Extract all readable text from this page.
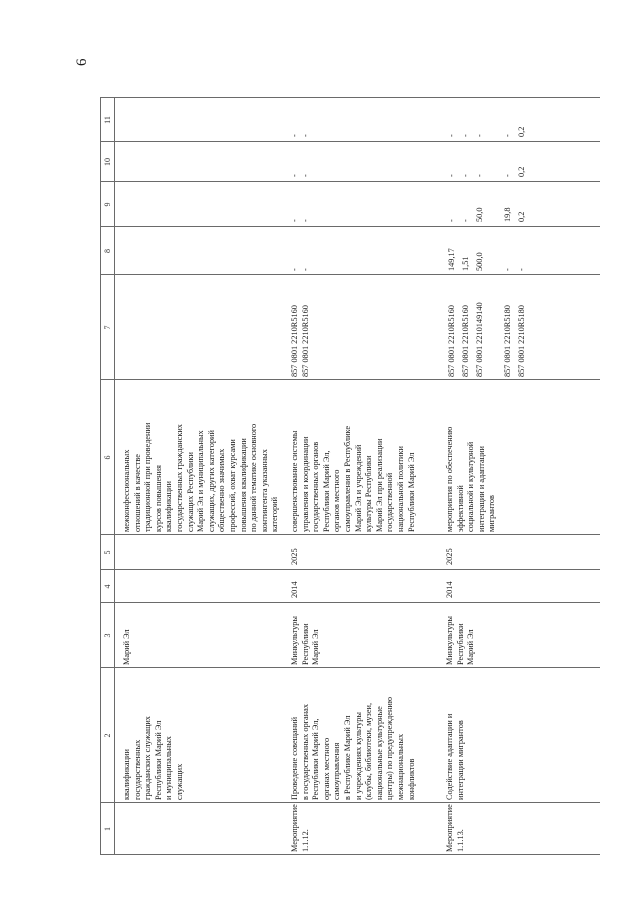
6
1
2
3
4
5
6
7
8
9
10
11
квалификации
государственных
гражданских служащих
Республики Марий Эл
и муниципальных
служащих
Марий Эл
межконфессиональных
отношений в качестве
традиционной при проведении
курсов повышения
квалификации
государственных гражданских
служащих Республики
Марий Эл и муниципальных
служащих, других категорий
общественно значимых
профессий, охват курсами
повышения квалификации
по данной тематике основного
контингента указанных
категорий
Мероприятие
1.1.12.
Проведение совещаний
в государственных органах
Республики Марий Эл,
органах местного
самоуправления
в Республике Марий Эл
и учреждениях культуры
(клубы, библиотеки, музеи,
национальные культурные
центры) по предупреждению
межнациональных
конфликтов
Минкультуры
Республики
Марий Эл
2014
2025
совершенствование системы
управления и координации
государственных органов
Республики Марий Эл,
органов местного
самоуправления в Республике
Марий Эл и учреждений
культуры Республики
Марий Эл при реализации
государственной
национальной политики
Республики Марий Эл
857 0801 2210R5160
857 0801 2210R5160
-
-
-
-
-
-
-
-
Мероприятие
1.1.13.
Содействие адаптации и
интеграции мигрантов
Минкультуры
Республики
Марий Эл
2014
2025
мероприятия по обеспечению
эффективной
социальной и культурной
интеграции и адаптации
мигрантов
857 0801 2210R5160
857 0801 2210R5160
857 0801 2210149140

857 0801 2210R5180
857 0801 2210R5180
149,17
1,51
500,0

-
-
-
-
50,0

19,8
0,2
-
-
-

-
0,2
-
-
-

-
0,2
